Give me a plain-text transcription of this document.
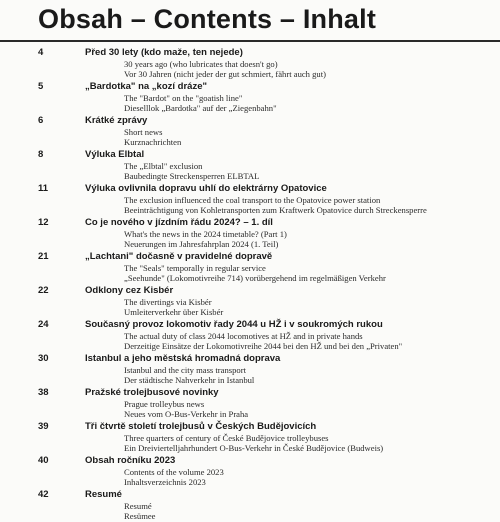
Obsah – Contents – Inhalt
4	Před 30 lety (kdo maže, ten nejede)
30 years ago (who lubricates that doesn't go)
Vor 30 Jahren (nicht jeder der gut schmiert, fährt auch gut)
5	„Bardotka" na „kozí dráze"
The "Bardot" on the "goatish line"
Dieselllok „Bardotka" auf der „Ziegenbahn"
6	Krátké zprávy
Short news
Kurznachrichten
8	Výluka Elbtal
The „Elbtal" exclusion
Baubedingte Streckensperren ELBTAL
11	Výluka ovlivnila dopravu uhlí do elektrárny Opatovice
The exclusion influenced the coal transport to the Opatovice power station
Beeinträchtigung von Kohletransporten zum Kraftwerk Opatovice durch Streckensperre
12	Co je nového v jízdním řádu 2024? – 1. díl
What's the news in the 2024 timetable? (Part 1)
Neuerungen im Jahresfahrplan 2024 (1. Teil)
21	„Lachtani" dočasně v pravidelné dopravě
The "Seals" temporally in regular service
„Seehunde" (Lokomotivreihe 714) vorübergehend im regelmäßigen Verkehr
22	Odklony cez Kisbér
The divertings via Kisbér
Umleiterverkehr über Kisbér
24	Současný provoz lokomotiv řady 2044 u HŽ i v soukromých rukou
The actual duty of class 2044 locomotives at HŽ and in private hands
Derzeitige Einsätze der Lokomotivreihe 2044 bei den HŽ und bei den „Privaten"
30	Istanbul a jeho městská hromadná doprava
Istanbul and the city mass transport
Der städtische Nahverkehr in Istanbul
38	Pražské trolejbusové novinky
Prague trolleybus news
Neues vom O-Bus-Verkehr in Praha
39	Tři čtvrtě století trolejbusů v Českých Budějovicích
Three quarters of century of České Budějovice trolleybuses
Ein Dreiviertelljahrhundert O-Bus-Verkehr in České Budějovice (Budweis)
40	Obsah ročníku 2023
Contents of the volume 2023
Inhaltsverzeichnis 2023
42	Resumé
Resumé
Resümee
